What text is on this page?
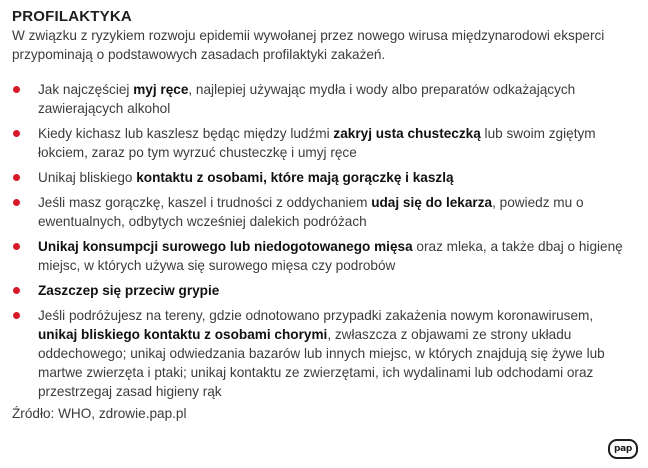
PROFILAKTYKA
W związku z ryzykiem rozwoju epidemii wywołanej przez nowego wirusa międzynarodowi eksperci przypominają o podstawowych zasadach profilaktyki zakażeń.
Jak najczęściej myj ręce, najlepiej używając mydła i wody albo preparatów odkażających zawierających alkohol
Kiedy kichasz lub kaszlesz będąc między ludźmi zakryj usta chusteczką lub swoim zgiętym łokciem, zaraz po tym wyrzuć chusteczkę i umyj ręce
Unikaj bliskiego kontaktu z osobami, które mają gorączkę i kaszlą
Jeśli masz gorączkę, kaszel i trudności z oddychaniem udaj się do lekarza, powiedz mu o ewentualnych, odbytych wcześniej dalekich podróżach
Unikaj konsumpcji surowego lub niedogotowanego mięsa oraz mleka, a także dbaj o higienę miejsc, w których używa się surowego mięsa czy podrobów
Zaszczep się przeciw grypie
Jeśli podróżujesz na tereny, gdzie odnotowano przypadki zakażenia nowym koronawirusem, unikaj bliskiego kontaktu z osobami chorymi, zwłaszcza z objawami ze strony układu oddechowego; unikaj odwiedzania bazarów lub innych miejsc, w których znajdują się żywe lub martwe zwierzęta i ptaki; unikaj kontaktu ze zwierzętami, ich wydalinami lub odchodami oraz przestrzegaj zasad higieny rąk
Źródło: WHO, zdrowie.pap.pl
pap
